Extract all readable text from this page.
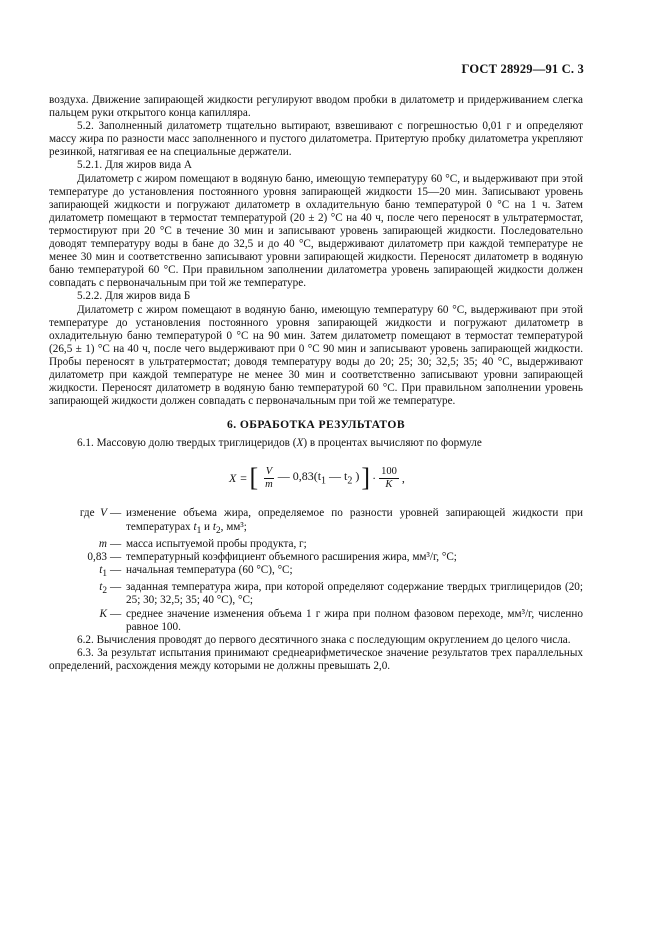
ГОСТ 28929—91 С. 3

воздуха. Движение запирающей жидкости регулируют вводом пробки в дилатометр и придерживанием слегка пальцем руки открытого конца капилляра.

5.2. Заполненный дилатометр тщательно вытирают, взвешивают с погрешностью 0,01 г и определяют массу жира по разности масс заполненного и пустого дилатометра. Притертую пробку дилатометра укрепляют резинкой, натягивая ее на специальные держатели.

5.2.1. Для жиров вида А

Дилатометр с жиром помещают в водяную баню, имеющую температуру 60 °С, и выдерживают при этой температуре до установления постоянного уровня запирающей жидкости 15—20 мин. Записывают уровень запирающей жидкости и погружают дилатометр в охладительную баню температурой 0 °С на 1 ч. Затем дилатометр помещают в термостат температурой (20 ± 2) °С на 40 ч, после чего переносят в ультратермостат, термостируют при 20 °С в течение 30 мин и записывают уровень запирающей жидкости. Последовательно доводят температуру воды в бане до 32,5 и до 40 °С, выдерживают дилатометр при каждой температуре не менее 30 мин и соответственно записывают уровни запирающей жидкости. Переносят дилатометр в водяную баню температурой 60 °С. При правильном заполнении дилатометра уровень запирающей жидкости должен совпадать с первоначальным при той же температуре.

5.2.2. Для жиров вида Б

Дилатометр с жиром помещают в водяную баню, имеющую температуру 60 °С, выдерживают при этой температуре до установления постоянного уровня запирающей жидкости и погружают дилатометр в охладительную баню температурой 0 °С на 90 мин. Затем дилатометр помещают в термостат температурой (26,5 ± 1) °С на 40 ч, после чего выдерживают при 0 °С 90 мин и записывают уровень запирающей жидкости. Пробы переносят в ультратермостат; доводя температуру воды до 20; 25; 30; 32,5; 35; 40 °С, выдерживают дилатометр при каждой температуре не менее 30 мин и соответственно записывают уровни запирающей жидкости. Переносят дилатометр в водяную баню температурой 60 °С. При правильном заполнении уровень запирающей жидкости должен совпадать с первоначальным при той же температуре.

6. ОБРАБОТКА РЕЗУЛЬТАТОВ

6.1. Массовую долю твердых триглицеридов (X) в процентах вычисляют по формуле

X = [ $\frac{V}{m}$ — $0,83(t_1$ — $t_2$ ) ] · $\frac{100}{K}$ ,
где V — изменение объема жира, определяемое по разности уровней запирающей жидкости при температурах $t_1$ и $t_2$, мм³;
m — масса испытуемой пробы продукта, г;
0,83 — температурный коэффициент объемного расширения жира, мм³/г, °С;
$t_1$ — начальная температура (60 °С), °С;
$t_2$ — заданная температура жира, при которой определяют содержание твердых триглицеридов (20; 25; 30; 32,5; 35; 40 °С), °С;
K — среднее значение изменения объема 1 г жира при полном фазовом переходе, мм³/г, численно равное 100.

6.2. Вычисления проводят до первого десятичного знака с последующим округлением до целого числа.

6.3. За результат испытания принимают среднеарифметическое значение результатов трех параллельных определений, расхождения между которыми не должны превышать 2,0.
